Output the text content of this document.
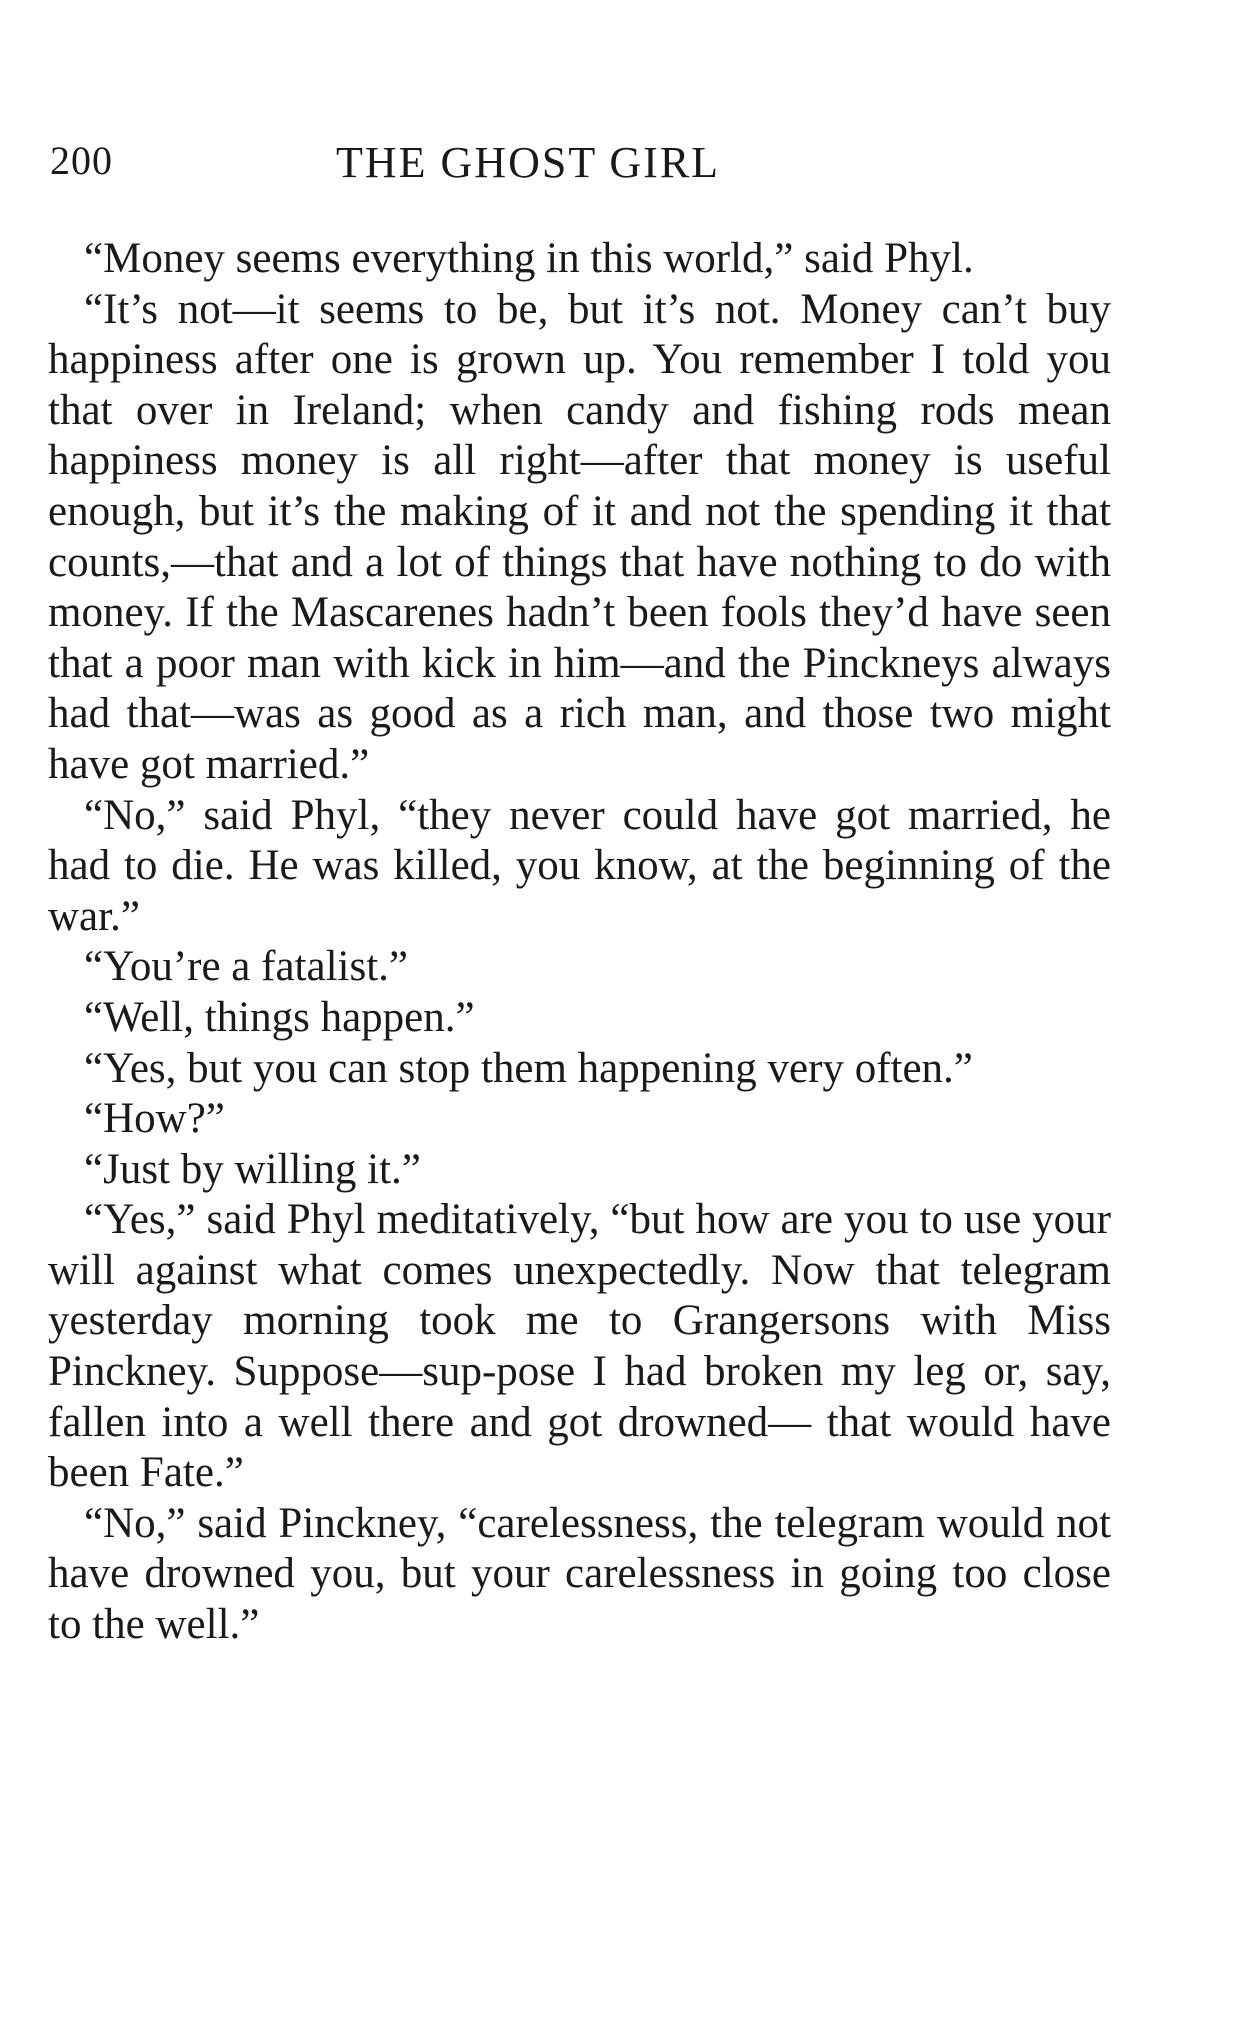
200	THE GHOST GIRL

“Money seems everything in this world,” said Phyl.

“It’s not—it seems to be, but it’s not. Money can’t buy happiness after one is grown up. You remember I told you that over in Ireland; when candy and fishing rods mean happiness money is all right—after that money is useful enough, but it’s the making of it and not the spending it that counts,—that and a lot of things that have nothing to do with money. If the Mascarenes hadn’t been fools they’d have seen that a poor man with kick in him—and the Pinckneys always had that—was as good as a rich man, and those two might have got married.”

“No,” said Phyl, “they never could have got married, he had to die. He was killed, you know, at the beginning of the war.”

“You’re a fatalist.”

“Well, things happen.”

“Yes, but you can stop them happening very often.”

“How?”

“Just by willing it.”

“Yes,” said Phyl meditatively, “but how are you to use your will against what comes unexpectedly. Now that telegram yesterday morning took me to Grangersons with Miss Pinckney. Suppose—sup-pose I had broken my leg or, say, fallen into a well there and got drowned— that would have been Fate.”

“No,” said Pinckney, “carelessness, the telegram would not have drowned you, but your carelessness in going too close to the well.”
